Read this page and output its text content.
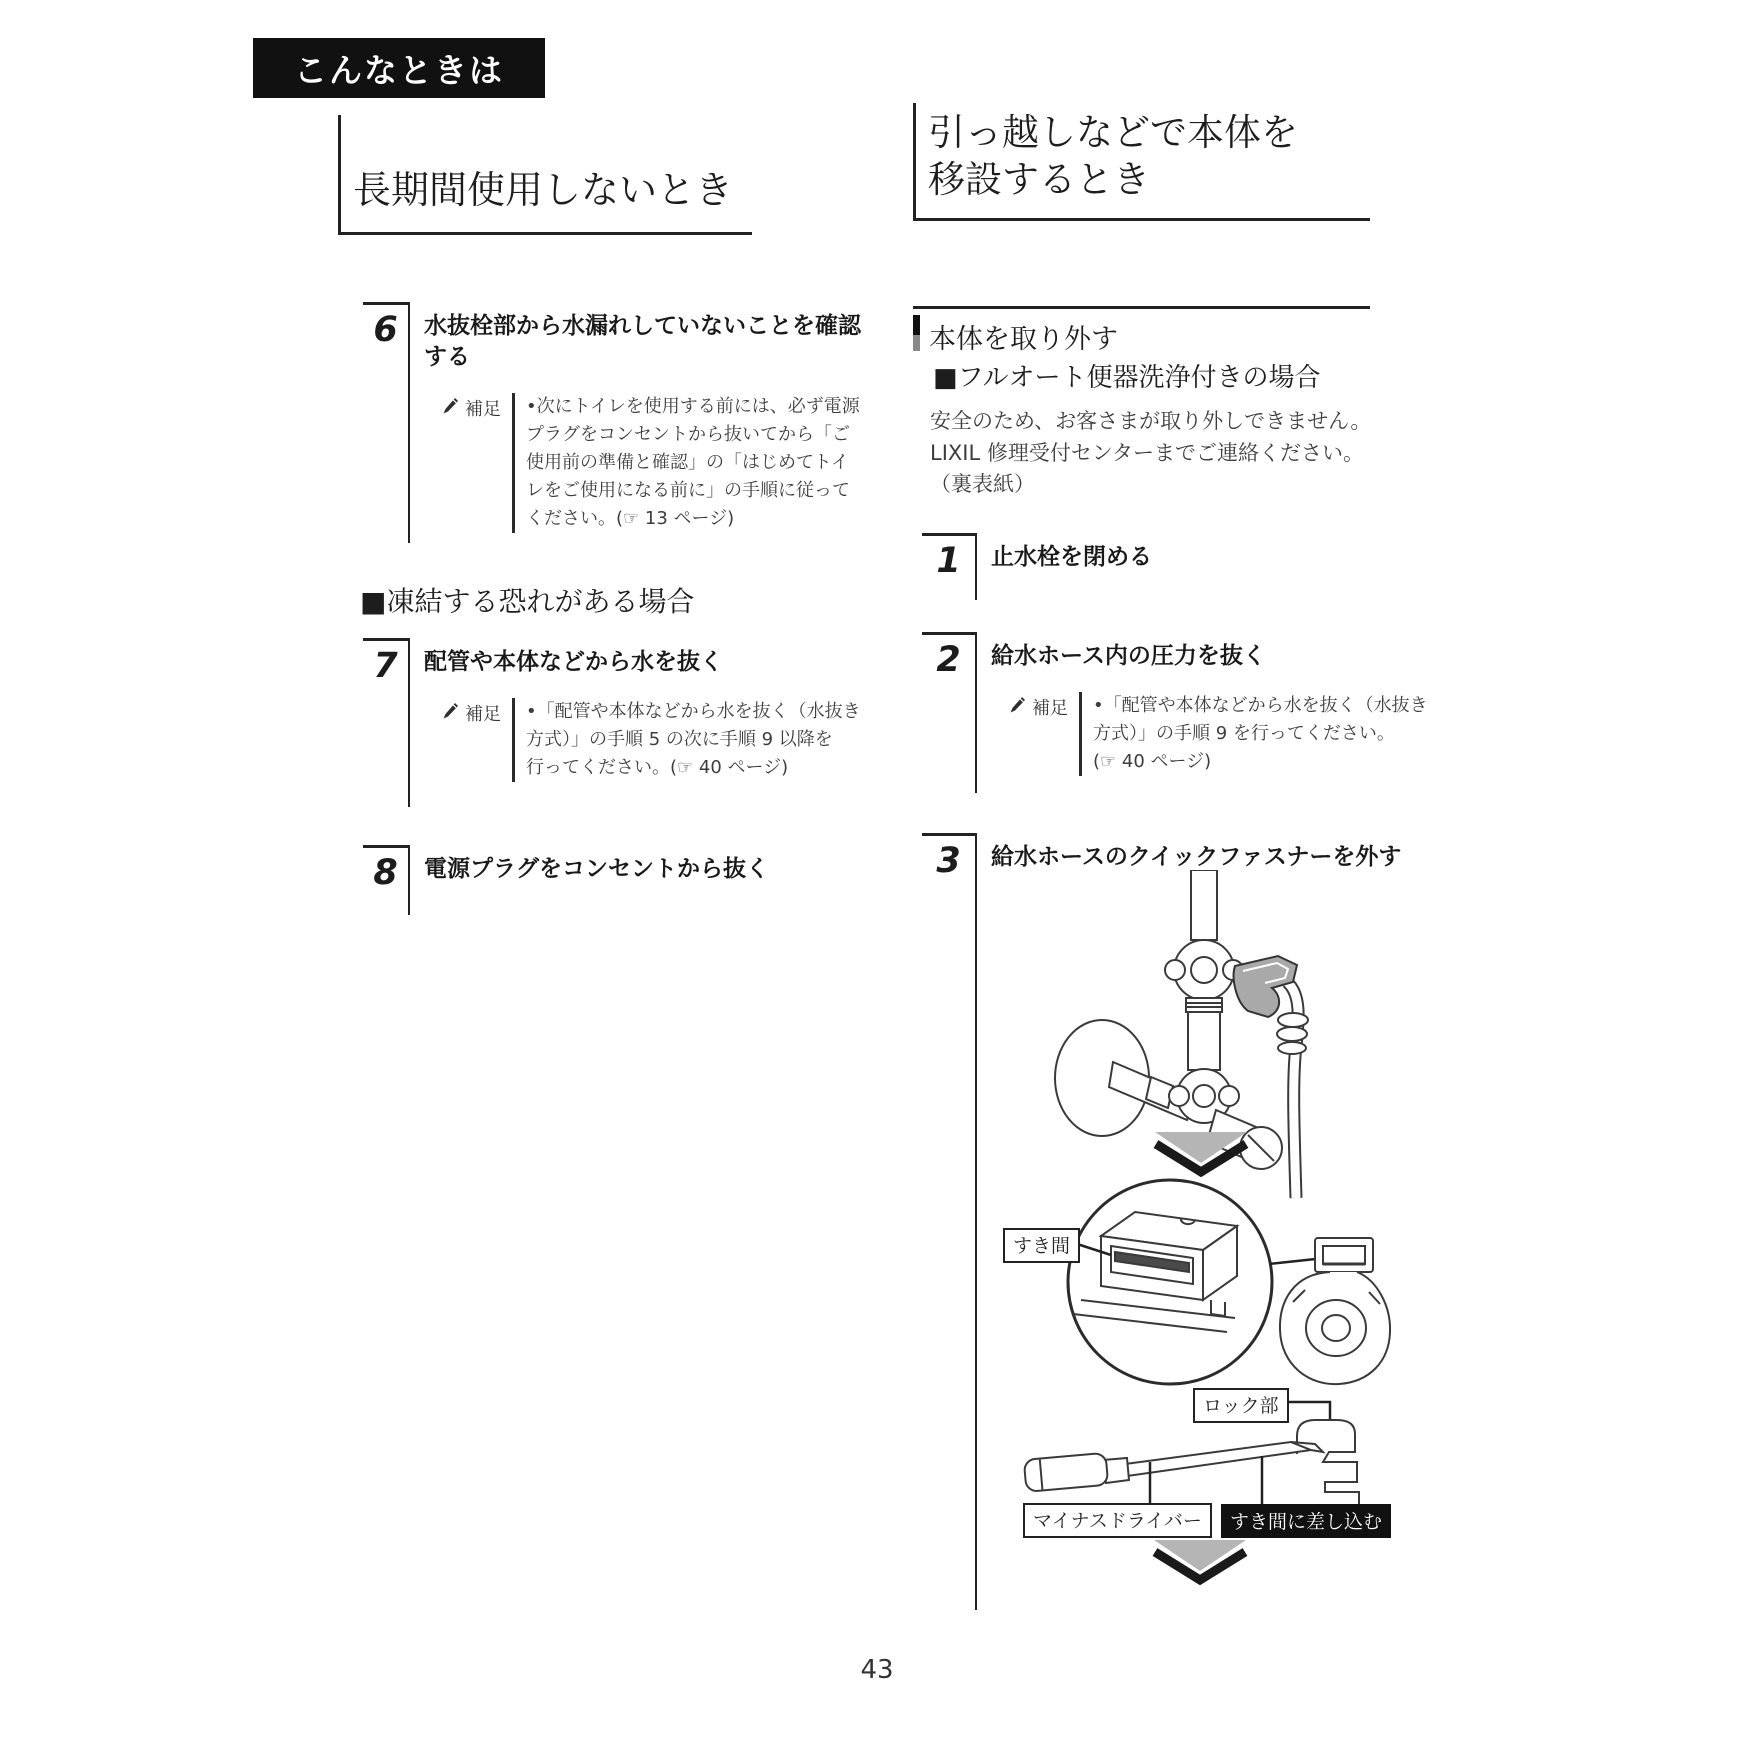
こんなときは
長期間使用しないとき
引っ越しなどで本体を
移設するとき
6	水抜栓部から水漏れしていないことを確認
する
補足 •次にトイレを使用する前には、必ず電源
プラグをコンセントから抜いてから「ご
使用前の準備と確認」の「はじめてトイ
レをご使用になる前に」の手順に従って
ください。(☞ 13 ページ)
■凍結する恐れがある場合
7	配管や本体などから水を抜く
補足 •「配管や本体などから水を抜く（水抜き
方式）」の手順 5 の次に手順 9 以降を
行ってください。(☞ 40 ページ)
8	電源プラグをコンセントから抜く
本体を取り外す
■フルオート便器洗浄付きの場合
安全のため、お客さまが取り外しできません。
LIXIL 修理受付センターまでご連絡ください。
（裏表紙）
1	止水栓を閉める
2	給水ホース内の圧力を抜く
補足 •「配管や本体などから水を抜く（水抜き
方式）」の手順 9 を行ってください。
(☞ 40 ページ)
3	給水ホースのクイックファスナーを外す
すき間
ロック部
マイナスドライバー	すき間に差し込む
43
